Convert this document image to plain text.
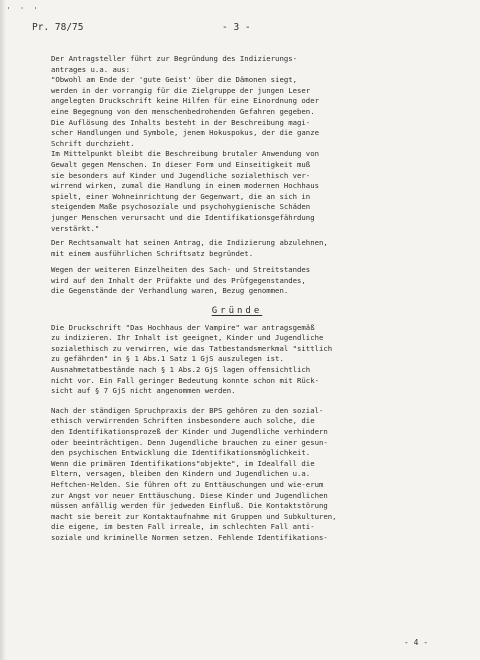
' ' '
Pr. 78/75	- 3 -

Der Antragsteller führt zur Begründung des Indizierungs-
antrages u.a. aus:

"Obwohl am Ende der 'gute Geist' über die Dämonen siegt,
werden in der vorrangig für die Zielgruppe der jungen Leser
angelegten Druckschrift keine Hilfen für eine Einordnung oder
eine Begegnung von den menschenbedrohenden Gefahren gegeben.
Die Auflösung des Inhalts besteht in der Beschreibung magi-
scher Handlungen und Symbole, jenem Hokuspokus, der die ganze
Schrift durchzieht.
Im Mittelpunkt bleibt die Beschreibung brutaler Anwendung von
Gewalt gegen Menschen. In dieser Form und Einseitigkeit muß
sie besonders auf Kinder und Jugendliche sozialethisch ver-
wirrend wirken, zumal die Handlung in einem modernen Hochhaus
spielt, einer Wohneinrichtung der Gegenwart, die an sich in
steigendem Maße psychosoziale und psychohygienische Schäden
junger Menschen verursacht und die Identifikationsgefährdung
verstärkt."

Der Rechtsanwalt hat seinen Antrag, die Indizierung abzulehnen,
mit einem ausführlichen Schriftsatz begründet.

Wegen der weiteren Einzelheiten des Sach- und Streitstandes
wird auf den Inhalt der Prüfakte und des Prüfgegenstandes,
die Gegenstände der Verhandlung waren, Bezug genommen.

Gründe

Die Druckschrift "Das Hochhaus der Vampire" war antragsgemäß
zu indizieren. Ihr Inhalt ist geeignet, Kinder und Jugendliche
sozialethisch zu verwirren, wie das Tatbestandsmerkmal "sittlich
zu gefährden" in § 1 Abs.1 Satz 1 GjS auszulegen ist.
Ausnahmetatbestände nach § 1 Abs.2 GjS lagen offensichtlich
nicht vor. Ein Fall geringer Bedeutung konnte schon mit Rück-
sicht auf § 7 GjS nicht angenommen werden.

Nach der ständigen Spruchpraxis der BPS gehören zu den sozial-
ethisch verwirrenden Schriften insbesondere auch solche, die
den Identifikationsprozeß der Kinder und Jugendliche verhindern
oder beeinträchtigen. Denn Jugendliche brauchen zu einer gesun-
den psychischen Entwicklung die Identifikationsmöglichkeit.
Wenn die primären Identifikations"objekte", im Idealfall die
Eltern, versagen, bleiben den Kindern und Jugendlichen u.a.
Heftchen-Helden. Sie führen oft zu Enttäuschungen und wie-erum
zur Angst vor neuer Enttäuschung. Diese Kinder und Jugendlichen
müssen anfällig werden für jedweden Einfluß. Die Kontaktstörung
macht sie bereit zur Kontaktaufnahme mit Gruppen und Subkulturen,
die eigene, im besten Fall irreale, im schlechten Fall anti-
soziale und kriminelle Normen setzen. Fehlende Identifikations-

- 4 -
